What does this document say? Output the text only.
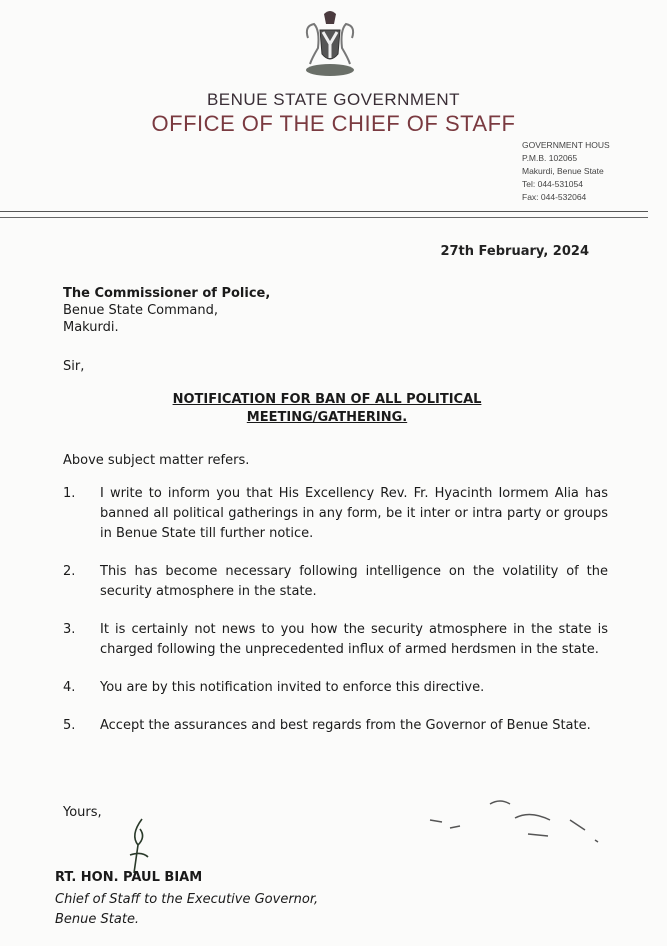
BENUE STATE GOVERNMENT
OFFICE OF THE CHIEF OF STAFF
GOVERNMENT HOUS
P.M.B. 102065
Makurdi, Benue State
Tel: 044-531054
Fax: 044-532064
27th February, 2024
The Commissioner of Police,
Benue State Command,
Makurdi.
Sir,
NOTIFICATION FOR BAN OF ALL POLITICAL
MEETING/GATHERING.
Above subject matter refers.
1.	I write to inform you that His Excellency Rev. Fr. Hyacinth Iormem Alia has banned all political gatherings in any form, be it inter or intra party or groups in Benue State till further notice.
2.	This has become necessary following intelligence on the volatility of the security atmosphere in the state.
3.	It is certainly not news to you how the security atmosphere in the state is charged following the unprecedented influx of armed herdsmen in the state.
4.	You are by this notification invited to enforce this directive.
5.	Accept the assurances and best regards from the Governor of Benue State.
Yours,
RT. HON. PAUL BIAM
Chief of Staff to the Executive Governor,
Benue State.
